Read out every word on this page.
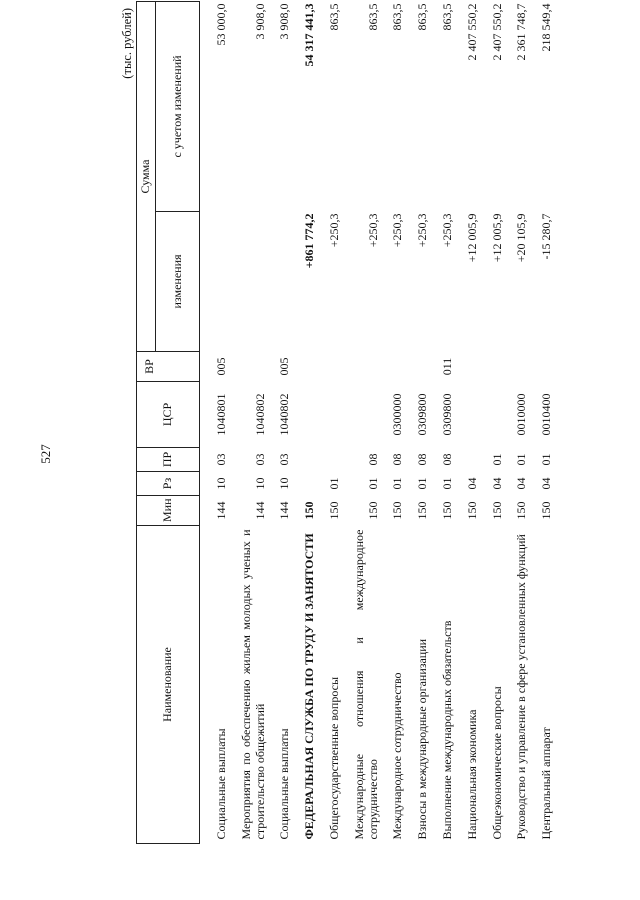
527
(тыс. рублей)
Наименование	Мин	Рз	ПР	ЦСР	ВР	Сумма	
						изменения	с учетом изменений

Социальные выплаты	144	10	03	1040801	005		53 000,0
Мероприятия по обеспечению жильем молодых ученых и строительство общежитий	144	10	03	1040802			3 908,0
Социальные выплаты	144	10	03	1040802	005		3 908,0
ФЕДЕРАЛЬНАЯ СЛУЖБА ПО ТРУДУ И ЗАНЯТОСТИ	150					+861 774,2	54 317 441,3
Общегосударственные вопросы	150	01				+250,3	863,5
Международные отношения и международное сотрудничество	150	01	08			+250,3	863,5
Международное сотрудничество	150	01	08	0300000		+250,3	863,5
Взносы в международные организации	150	01	08	0309800		+250,3	863,5
Выполнение международных обязательств	150	01	08	0309800	011	+250,3	863,5
Национальная экономика	150	04				+12 005,9	2 407 550,2
Общеэкономические вопросы	150	04	01			+12 005,9	2 407 550,2
Руководство и управление в сфере установленных функций	150	04	01	0010000		+20 105,9	2 361 748,7
Центральный аппарат	150	04	01	0010400		-15 280,7	218 549,4
